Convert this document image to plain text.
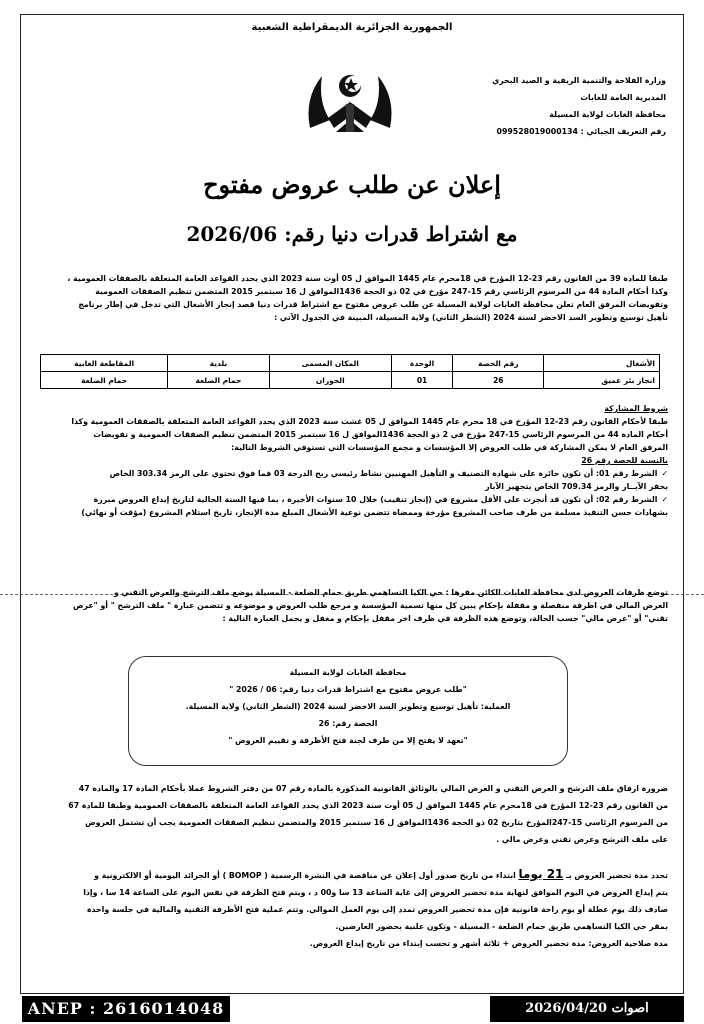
الجمهورية الجزائرية الديمقراطية الشعبية
وزارة الفلاحة والتنمية الريفية و الصيد البحري
المديرية العامة للغابات
محافظة الغابات لولاية المسيلة
رقم التعريف الجبائي : 099528019000134
إعلان عن طلب عروض مفتوح
مع اشتراط قدرات دنيا رقم: 2026/06
طبقا للمادة 39 من القانون رقم 23-12 المؤرخ في 18محرم عام 1445 الموافق ل 05 أوت سنة 2023 الذي يحدد القواعد العامة المتعلقة بالصفقات العمومية ،
وكذا أحكام المادة 44 من المرسوم الرئاسي رقم 15-247 مؤرخ في 02 ذو الحجة 1436الموافق ل 16 سبتمبر 2015 المتضمن تنظيم الصفقات العمومية
وتفويضات المرفق العام تعلن محافظة الغابات لولاية المسيلة عن طلب عروض مفتوح مع اشتراط قدرات دنيا قصد إنجاز الأشغال التي تدخل في إطار برنامج
تأهيل توسيع وتطوير السد الاخضر لسنة 2024 (الشطر الثاني) ولاية المسيلة، المبينة في الجدول الآتي :
الأشغال	رقم الحصة	الوحدة	المكان المسمى	بلدية	المقاطعة الغابية
انجاز بئر عميق	26	01	الحوران	حمام الضلعة	حمام الضلعة
شروط المشاركة
طبقا لأحكام القانون رقم 23-12 المؤرخ في 18 محرم عام 1445 الموافق ل 05 غشت سنة 2023 الذي يحدد القواعد العامة المتعلقة بالصفقات العمومية وكذا
أحكام المادة 44 من المرسوم الرئاسي 15-247 مؤرخ في 2 ذو الحجة 1436الموافق ل 16 سبتمبر 2015 المتضمن تنظيم الصفقات العمومية و تفويضات
المرفق العام لا يمكن المشاركة في طلب العروض إلا المؤسسات و مجمع المؤسسات التي تستوفي الشروط التالية:
بالنسبة للحصة رقم 26
✓الشرط رقم 01: أن تكون حائزة على شهادة التصنيف و التأهيل المهنيين نشاط رئيسي ربح الدرجة 03 فما فوق تحتوي على الرمز 303.34 الخاص
بحفر الآبــار والرمز 709.34 الخاص بتجهيز الآبار
✓الشرط رقم 02: أن تكون قد أنجزت على الأقل مشروع في (إنجاز تنقيب) خلال 10 سنوات الأخيرة ، بما فيها السنة الحالية لتاريخ إيداع العروض مبررة
بشهادات حسن التنفيذ مسلمة من طرف صاحب المشروع مؤرخة وممضاة تتضمن نوعية الأشغال المبلغ مدة الإنجاز، تاريخ استلام المشروع (مؤقت أو نهائي)
توضع ظرفات العروض لدى محافظة الغابات الكائن مقرها : حي الكيا التساهمي طريق حمام الضلعة - المسيلة يوضع ملف الترشح والعرض التقني و
العرض المالي في اظرفة منفصلة و مقفلة بإحكام يبين كل منها تسمية المؤسسة و مرجع طلب العروض و موضوعه و تتضمن عبارة " ملف الترشح " أو "عرض
تقني" أو "عرض مالي" حسب الحالة، وتوضع هذه الظرفة في ظرف اخر مقفل بإحكام و مغفل و يحمل العبارة التالية :
محافظة الغابات لولاية المسيلة
"طلب عروض مفتوح مع اشتراط قدرات دنيا رقم: 06 / 2026 "
العملية: تأهيل توسيع وتطوير السد الاخضر لسنة 2024 (الشطر الثاني) ولاية المسيلة.
الحصة رقم: 26
"تعهد لا يفتح إلا من طرف لجنة فتح الأظرفة و تقييم العروض "
ضرورة ارفاق ملف الترشح و العرض التقني و العرض المالي بالوثائق القانونية المذكورة بالمادة رقم 07 من دفتر الشروط عملا بأحكام المادة 17 والمادة 47
من القانون رقم 23-12 المؤرخ في 18محرم عام 1445 الموافق ل 05 أوت سنة 2023 الذي يحدد القواعد العامة المتعلقة بالصفقات العمومية وطبقا للمادة 67
من المرسوم الرئاسي 15-247المؤرخ بتاريخ 02 ذو الحجة 1436الموافق ل 16 سبتمبر 2015 والمتضمن تنظيم الصفقات العمومية يجب أن تشتمل العروض
على ملف الترشح وعرض تقني وعرض مالي .
تحدد مدة تحضير العروض بـ 21 يوما ابتداء من تاريخ صدور أول إعلان عن مناقصة في النشرة الرسمية ( BOMOP ) أو الجرائد اليومية أو الالكترونية و
يتم إيداع العروض في اليوم الموافق لنهاية مدة تحضير العروض إلى غاية الساعة 13 سا و00 د ، ويتم فتح الظرفة في نفس اليوم على الساعة 14 سا ، وإذا
صادف ذلك يوم عطلة أو يوم راحة قانونية فإن مدة تحضير العروض تمدد إلى يوم العمل الموالي. وتتم عملية فتح الأظرفة التقنية والمالية في جلسة واحدة
بمقر حي الكيا التساهمي طريق حمام الضلعة - المسيلة - وتكون علنية بحضور العارضين.
مدة صلاحية العروض: مدة تحضير العروض + ثلاثة أشهر و تحسب إبتداء من تاريخ إيداع العروض.
ANEP : 2616014048	اصوات 2026/04/20
